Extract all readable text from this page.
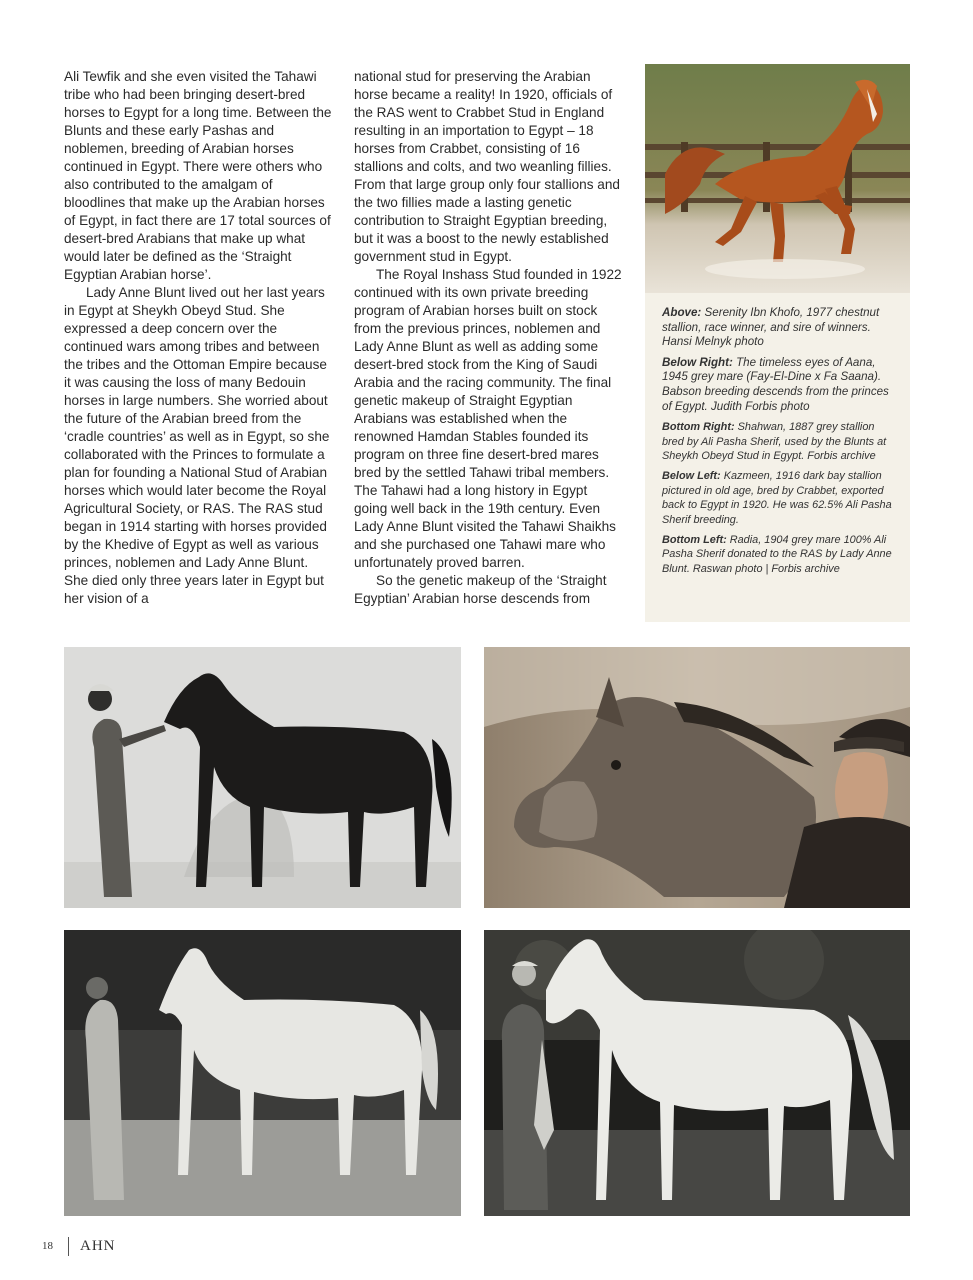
Ali Tewfik and she even visited the Tahawi tribe who had been bringing desert-bred horses to Egypt for a long time. Between the Blunts and these early Pashas and noblemen, breeding of Arabian horses continued in Egypt. There were others who also contributed to the amalgam of bloodlines that make up the Arabian horses of Egypt, in fact there are 17 total sources of desert-bred Arabians that make up what would later be defined as the ‘Straight Egyptian Arabian horse’.

Lady Anne Blunt lived out her last years in Egypt at Sheykh Obeyd Stud. She expressed a deep concern over the continued wars among tribes and between the tribes and the Ottoman Empire because it was causing the loss of many Bedouin horses in large numbers. She worried about the future of the Arabian breed from the ‘cradle countries’ as well as in Egypt, so she collaborated with the Princes to formulate a plan for founding a National Stud of Arabian horses which would later become the Royal Agricultural Society, or RAS. The RAS stud began in 1914 starting with horses provided by the Khedive of Egypt as well as various princes, noblemen and Lady Anne Blunt. She died only three years later in Egypt but her vision of a

national stud for preserving the Arabian horse became a reality! In 1920, officials of the RAS went to Crabbet Stud in England resulting in an importation to Egypt – 18 horses from Crabbet, consisting of 16 stallions and colts, and two weanling fillies. From that large group only four stallions and the two fillies made a lasting genetic contribution to Straight Egyptian breeding, but it was a boost to the newly established government stud in Egypt.

The Royal Inshass Stud founded in 1922 continued with its own private breeding program of Arabian horses built on stock from the previous princes, noblemen and Lady Anne Blunt as well as adding some desert-bred stock from the King of Saudi Arabia and the racing community. The final genetic makeup of Straight Egyptian Arabians was established when the renowned Hamdan Stables founded its program on three fine desert-bred mares bred by the settled Tahawi tribal members. The Tahawi had a long history in Egypt going well back in the 19th century. Even Lady Anne Blunt visited the Tahawi Shaikhs and she purchased one Tahawi mare who unfortunately proved barren.

So the genetic makeup of the ‘Straight Egyptian’ Arabian horse descends from

Above: Serenity Ibn Khofo, 1977 chestnut stallion, race winner, and sire of winners. Hansi Melnyk photo
Below Right: The timeless eyes of Aana, 1945 grey mare (Fay-El-Dine x Fa Saana). Babson breeding descends from the princes of Egypt. Judith Forbis photo
Bottom Right: Shahwan, 1887 grey stallion bred by Ali Pasha Sherif, used by the Blunts at Sheykh Obeyd Stud in Egypt. Forbis archive
Below Left: Kazmeen, 1916 dark bay stallion pictured in old age, bred by Crabbet, exported back to Egypt in 1920. He was 62.5% Ali Pasha Sherif breeding.
Bottom Left: Radia, 1904 grey mare 100% Ali Pasha Sherif donated to the RAS by Lady Anne Blunt. Raswan photo | Forbis archive
18 AHN
